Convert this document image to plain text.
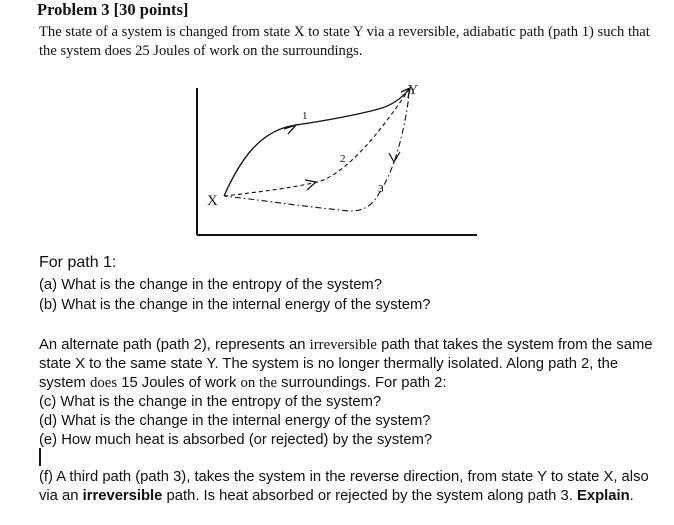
Problem 3 [30 points]
The state of a system is changed from state X to state Y via a reversible, adiabatic path (path 1) such that the system does 25 Joules of work on the surroundings.
X
Y
1
2
3
For path 1:
(a) What is the change in the entropy of the system?
(b) What is the change in the internal energy of the system?
An alternate path (path 2), represents an irreversible path that takes the system from the same state X to the same state Y. The system is no longer thermally isolated. Along path 2, the system does 15 Joules of work on the surroundings. For path 2:
(c) What is the change in the entropy of the system?
(d) What is the change in the internal energy of the system?
(e) How much heat is absorbed (or rejected) by the system?
(f) A third path (path 3), takes the system in the reverse direction, from state Y to state X, also via an irreversible path. Is heat absorbed or rejected by the system along path 3. Explain.
